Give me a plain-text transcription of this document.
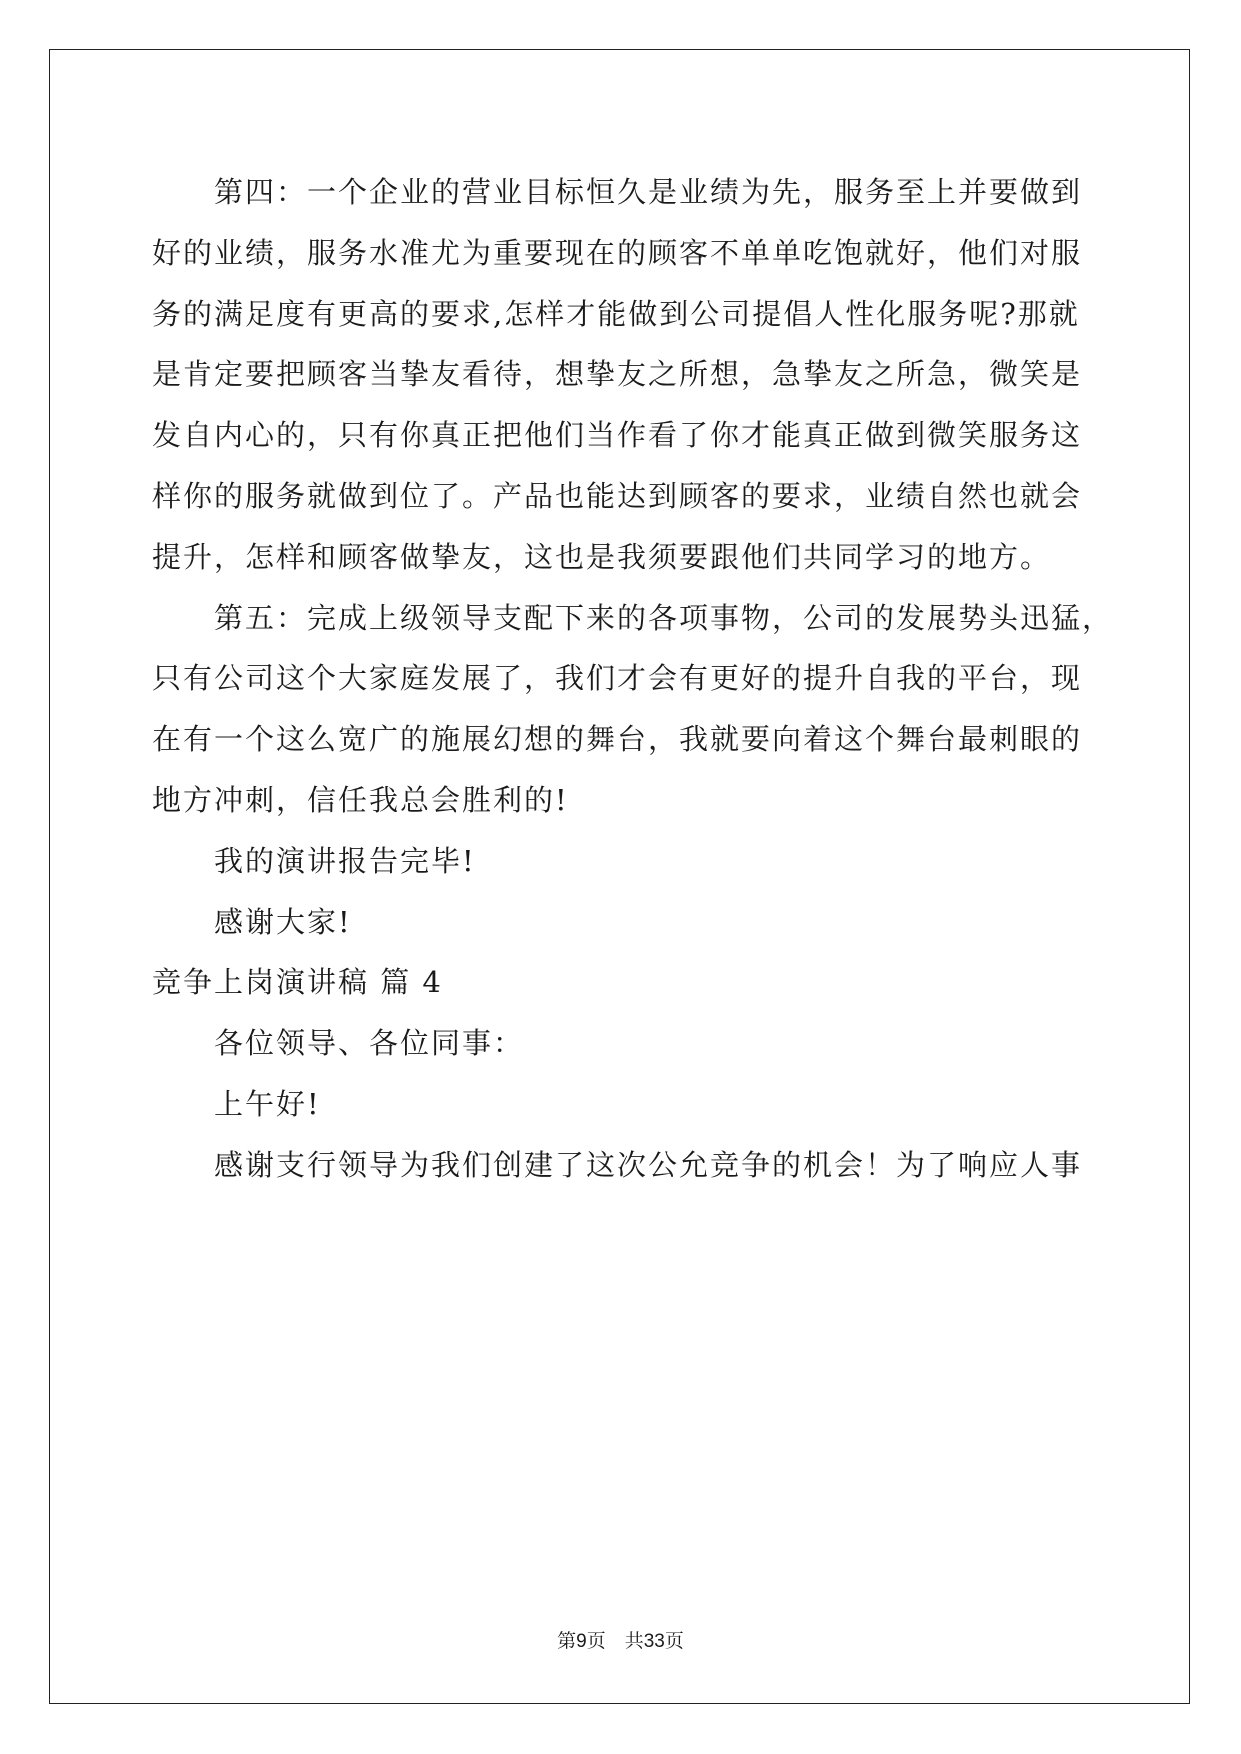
第四：一个企业的营业目标恒久是业绩为先，服务至上并要做到
好的业绩，服务水准尤为重要现在的顾客不单单吃饱就好，他们对服
务的满足度有更高的要求,怎样才能做到公司提倡人性化服务呢?那就
是肯定要把顾客当挚友看待，想挚友之所想，急挚友之所急，微笑是
发自内心的，只有你真正把他们当作看了你才能真正做到微笑服务这
样你的服务就做到位了。产品也能达到顾客的要求，业绩自然也就会
提升，怎样和顾客做挚友，这也是我须要跟他们共同学习的地方。
第五：完成上级领导支配下来的各项事物，公司的发展势头迅猛，
只有公司这个大家庭发展了，我们才会有更好的提升自我的平台，现
在有一个这么宽广的施展幻想的舞台，我就要向着这个舞台最刺眼的
地方冲刺，信任我总会胜利的!
我的演讲报告完毕!
感谢大家!
竞争上岗演讲稿 篇 4
各位领导、各位同事：
上午好!
感谢支行领导为我们创建了这次公允竞争的机会！为了响应人事
第9页　共33页
